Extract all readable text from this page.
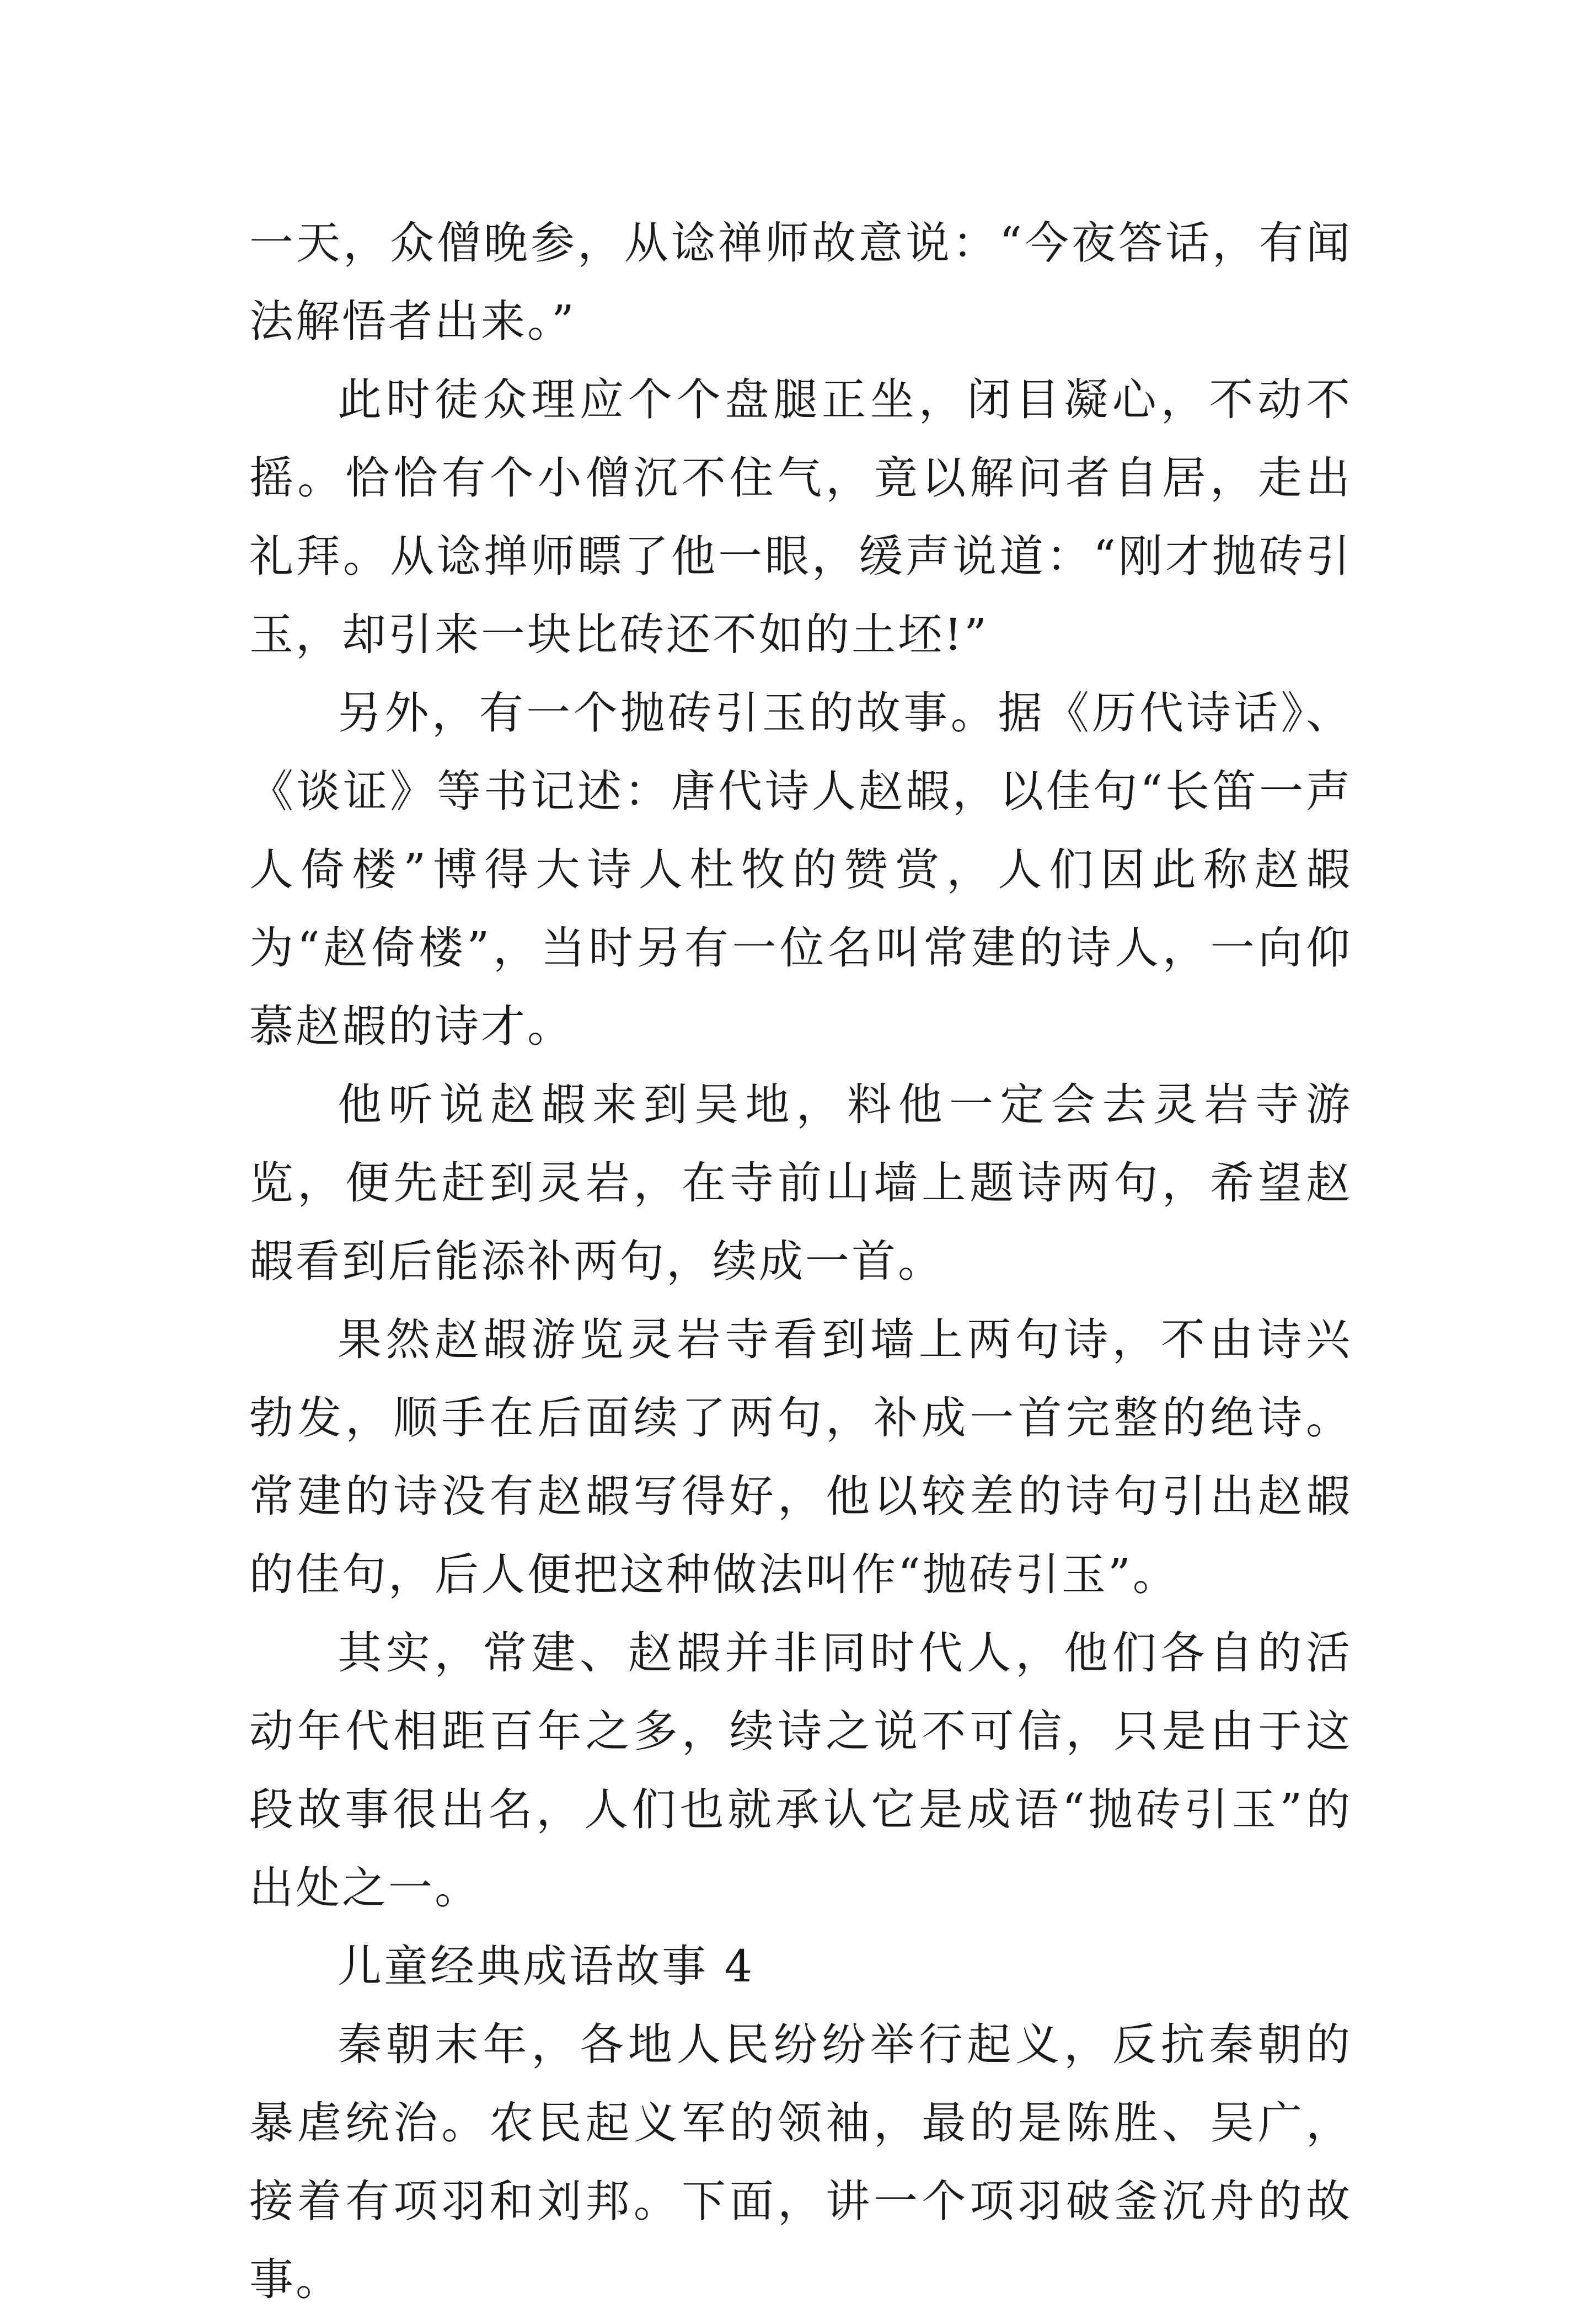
一天，众僧晚参，从谂禅师故意说：“今夜答话，有闻法解悟者出来。”

此时徒众理应个个盘腿正坐，闭目凝心，不动不摇。恰恰有个小僧沉不住气，竟以解问者自居，走出礼拜。从谂掸师瞟了他一眼，缓声说道：“刚才抛砖引玉，却引来一块比砖还不如的土坯!”

另外，有一个抛砖引玉的故事。据《历代诗话》、《谈证》等书记述：唐代诗人赵嘏，以佳句“长笛一声人倚楼”博得大诗人杜牧的赞赏，人们因此称赵嘏为“赵倚楼”，当时另有一位名叫常建的诗人，一向仰慕赵嘏的诗才。

他听说赵嘏来到吴地，料他一定会去灵岩寺游览，便先赶到灵岩，在寺前山墙上题诗两句，希望赵嘏看到后能添补两句，续成一首。

果然赵嘏游览灵岩寺看到墙上两句诗，不由诗兴勃发，顺手在后面续了两句，补成一首完整的绝诗。常建的诗没有赵嘏写得好，他以较差的诗句引出赵嘏的佳句，后人便把这种做法叫作“抛砖引玉”。

其实，常建、赵嘏并非同时代人，他们各自的活动年代相距百年之多，续诗之说不可信，只是由于这段故事很出名，人们也就承认它是成语“抛砖引玉”的出处之一。

儿童经典成语故事 4

秦朝末年，各地人民纷纷举行起义，反抗秦朝的暴虐统治。农民起义军的领袖，最的是陈胜、吴广，接着有项羽和刘邦。下面，讲一个项羽破釜沉舟的故事。
